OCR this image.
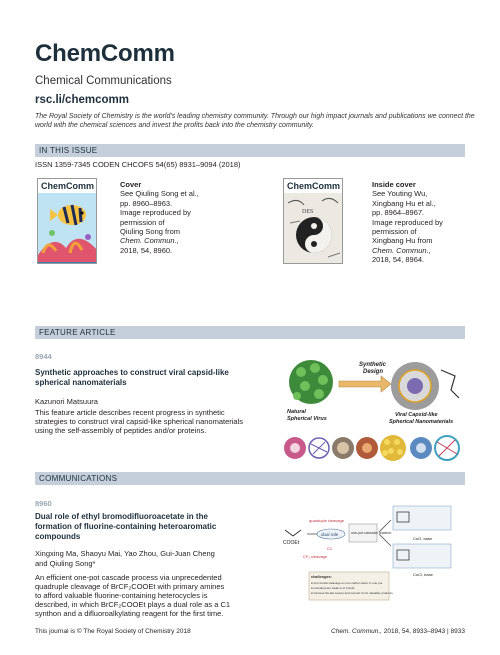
ChemComm
Chemical Communications
rsc.li/chemcomm
The Royal Society of Chemistry is the world's leading chemistry community. Through our high impact journals and publications we connect the world with the chemical sciences and invest the profits back into the chemistry community.
IN THIS ISSUE
ISSN 1359-7345 CODEN CHCOFS 54(65) 8931–9094 (2018)
ChemComm	Cover
See Qiuling Song et al.,
pp. 8960–8963.
Image reproduced by
permission of
Qiuling Song from
Chem. Commun.,
2018, 54, 8960.
ChemComm
DES
Inside cover
See Youting Wu,
Xingbang Hu et al.,
pp. 8964–8967.
Image reproduced by
permission of
Xingbang Hu from
Chem. Commun.,
2018, 54, 8964.
FEATURE ARTICLE
8944
Synthetic approaches to construct viral capsid-like
spherical nanomaterials
Kazunori Matsuura
This feature article describes recent progress in synthetic
strategies to construct viral capsid-like spherical nanomaterials
using the self-assembly of peptides and/or proteins.
Natural
Spherical Virus
Synthetic
Design
Viral Capsid-like
Spherical Nanomaterials
COMMUNICATIONS
8960
Dual role of ethyl bromodifluoroacetate in the
formation of fluorine-containing heteroaromatic
compounds
Xingxing Ma, Shaoyu Mai, Yao Zhou, Gui-Juan Cheng
and Qiuling Song*
An efficient one-pot cascade process via unprecedented
quadruple cleavage of BrCF₂COOEt with primary amines
to afford valuable fluorine-containing heterocycles is
described, in which BrCF₂COOEt plays a dual role as a C1
synthon and a difluoroalkylating reagent for the first time.
COOEt
dual role
quadruple cleavage
C1
CF₂ cleavage
one-pot cascade reaction
CuO, base
CuCl, base
challenges:
● four bonds cleavage on one carbon atom in one pot
● including two weak C–F bonds
● harness the EA source and convert it into valuable products
This journal is © The Royal Society of Chemistry 2018	Chem. Commun., 2018, 54, 8933–8943 | 8933
